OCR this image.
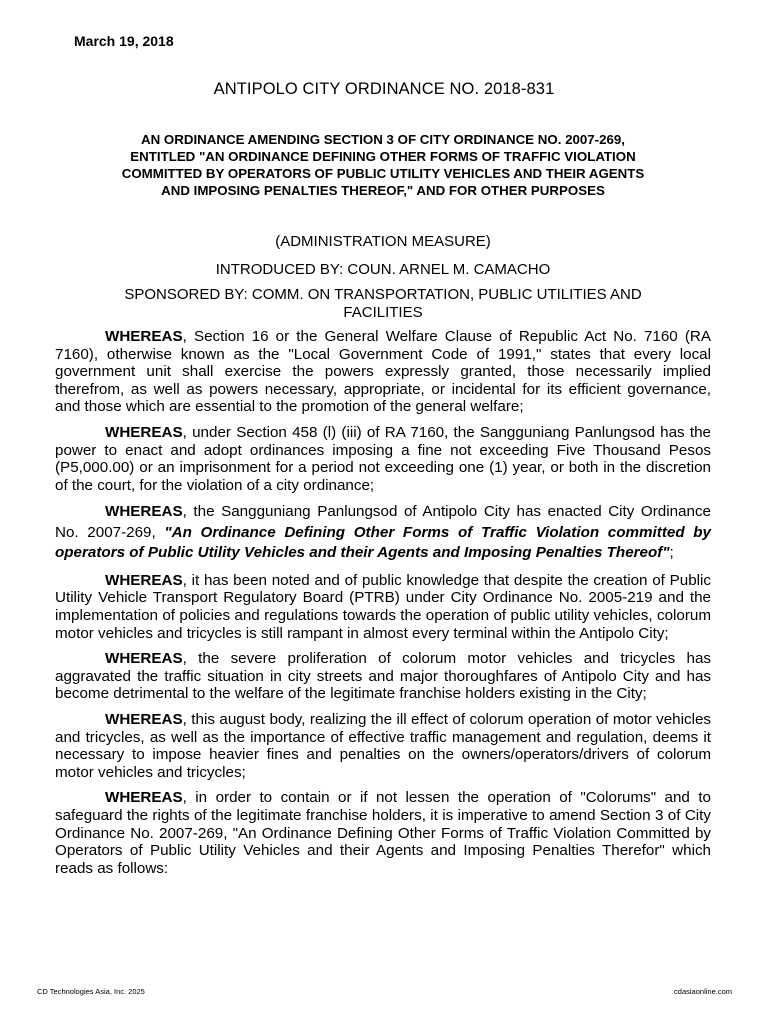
March 19, 2018
ANTIPOLO CITY ORDINANCE NO. 2018-831
AN ORDINANCE AMENDING SECTION 3 OF CITY ORDINANCE NO. 2007-269,
ENTITLED "AN ORDINANCE DEFINING OTHER FORMS OF TRAFFIC VIOLATION
COMMITTED BY OPERATORS OF PUBLIC UTILITY VEHICLES AND THEIR AGENTS
AND IMPOSING PENALTIES THEREOF," AND FOR OTHER PURPOSES
(ADMINISTRATION MEASURE)
INTRODUCED BY: COUN. ARNEL M. CAMACHO
SPONSORED BY: COMM. ON TRANSPORTATION, PUBLIC UTILITIES AND
FACILITIES

WHEREAS, Section 16 or the General Welfare Clause of Republic Act No. 7160 (RA 7160), otherwise known as the "Local Government Code of 1991," states that every local government unit shall exercise the powers expressly granted, those necessarily implied therefrom, as well as powers necessary, appropriate, or incidental for its efficient governance, and those which are essential to the promotion of the general welfare;

WHEREAS, under Section 458 (l) (iii) of RA 7160, the Sangguniang Panlungsod has the power to enact and adopt ordinances imposing a fine not exceeding Five Thousand Pesos (P5,000.00) or an imprisonment for a period not exceeding one (1) year, or both in the discretion of the court, for the violation of a city ordinance;

WHEREAS, the Sangguniang Panlungsod of Antipolo City has enacted City Ordinance No. 2007-269, "An Ordinance Defining Other Forms of Traffic Violation committed by operators of Public Utility Vehicles and their Agents and Imposing Penalties Thereof";

WHEREAS, it has been noted and of public knowledge that despite the creation of Public Utility Vehicle Transport Regulatory Board (PTRB) under City Ordinance No. 2005-219 and the implementation of policies and regulations towards the operation of public utility vehicles, colorum motor vehicles and tricycles is still rampant in almost every terminal within the Antipolo City;

WHEREAS, the severe proliferation of colorum motor vehicles and tricycles has aggravated the traffic situation in city streets and major thoroughfares of Antipolo City and has become detrimental to the welfare of the legitimate franchise holders existing in the City;

WHEREAS, this august body, realizing the ill effect of colorum operation of motor vehicles and tricycles, as well as the importance of effective traffic management and regulation, deems it necessary to impose heavier fines and penalties on the owners/operators/drivers of colorum motor vehicles and tricycles;

WHEREAS, in order to contain or if not lessen the operation of "Colorums" and to safeguard the rights of the legitimate franchise holders, it is imperative to amend Section 3 of City Ordinance No. 2007-269, "An Ordinance Defining Other Forms of Traffic Violation Committed by Operators of Public Utility Vehicles and their Agents and Imposing Penalties Therefor" which reads as follows:

CD Technologies Asia, Inc. 2025	cdasiaonline.com
